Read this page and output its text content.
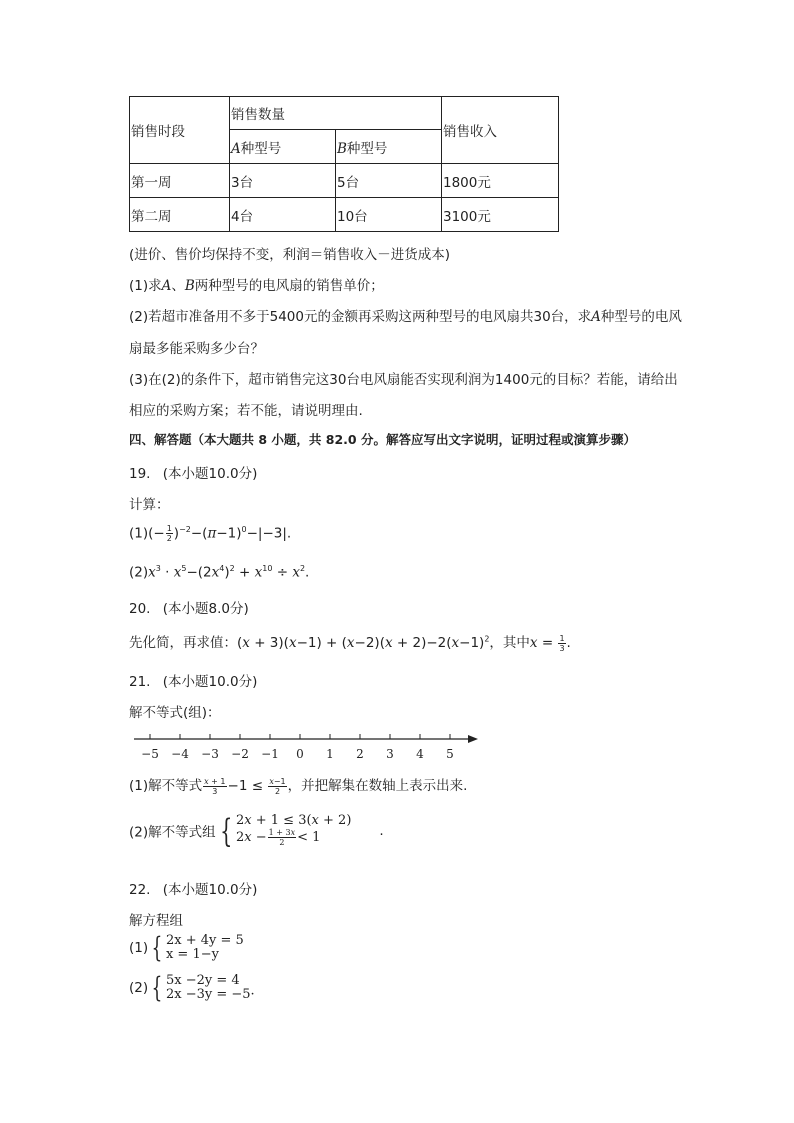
销售时段	销售数量		销售收入
	A种型号	B种型号	
第一周	3台	5台	1800元
第二周	4台	10台	3100元
(进价、售价均保持不变，利润＝销售收入－进货成本)
(1)求A、B两种型号的电风扇的销售单价；
(2)若超市准备用不多于5400元的金额再采购这两种型号的电风扇共30台，求A种型号的电风
扇最多能采购多少台？
(3)在(2)的条件下，超市销售完这30台电风扇能否实现利润为1400元的目标？若能，请给出
相应的采购方案；若不能，请说明理由.
四、解答题（本大题共 8 小题，共 82.0 分。解答应写出文字说明，证明过程或演算步骤）
19. (本小题10.0分)
计算：
$(1)(- \frac{1}{2} )^{-2}-(\pi-1)^0-|-3|$.
$(2)x^3 \cdot x^5-(2x^4)^2 + x^{10} \div x^2$.
20. (本小题8.0分)
先化简，再求值：$(x + 3)(x-1) + (x-2)(x + 2)-2(x-1)^2$，其中$x = \frac{1}{3}$ .
21. (本小题10.0分)
解不等式(组)：
−5 −4 −3 −2 −1 0 1 2 3 4 5
(1)解不等式 $\frac{x + 1}{3} -1 \le \frac{x-1}{2}$ ，并把解集在数轴上表示出来.
(2)解不等式组 { 2x + 1 ≤ 3(x + 2)
$2x - \frac{1 + 3x}{2} < 1$	.
22. (本小题10.0分)
解方程组
(1) { 2x + 4y = 5
x = 1−y
(2) { 5x −2y = 4
2x −3y = −5·
